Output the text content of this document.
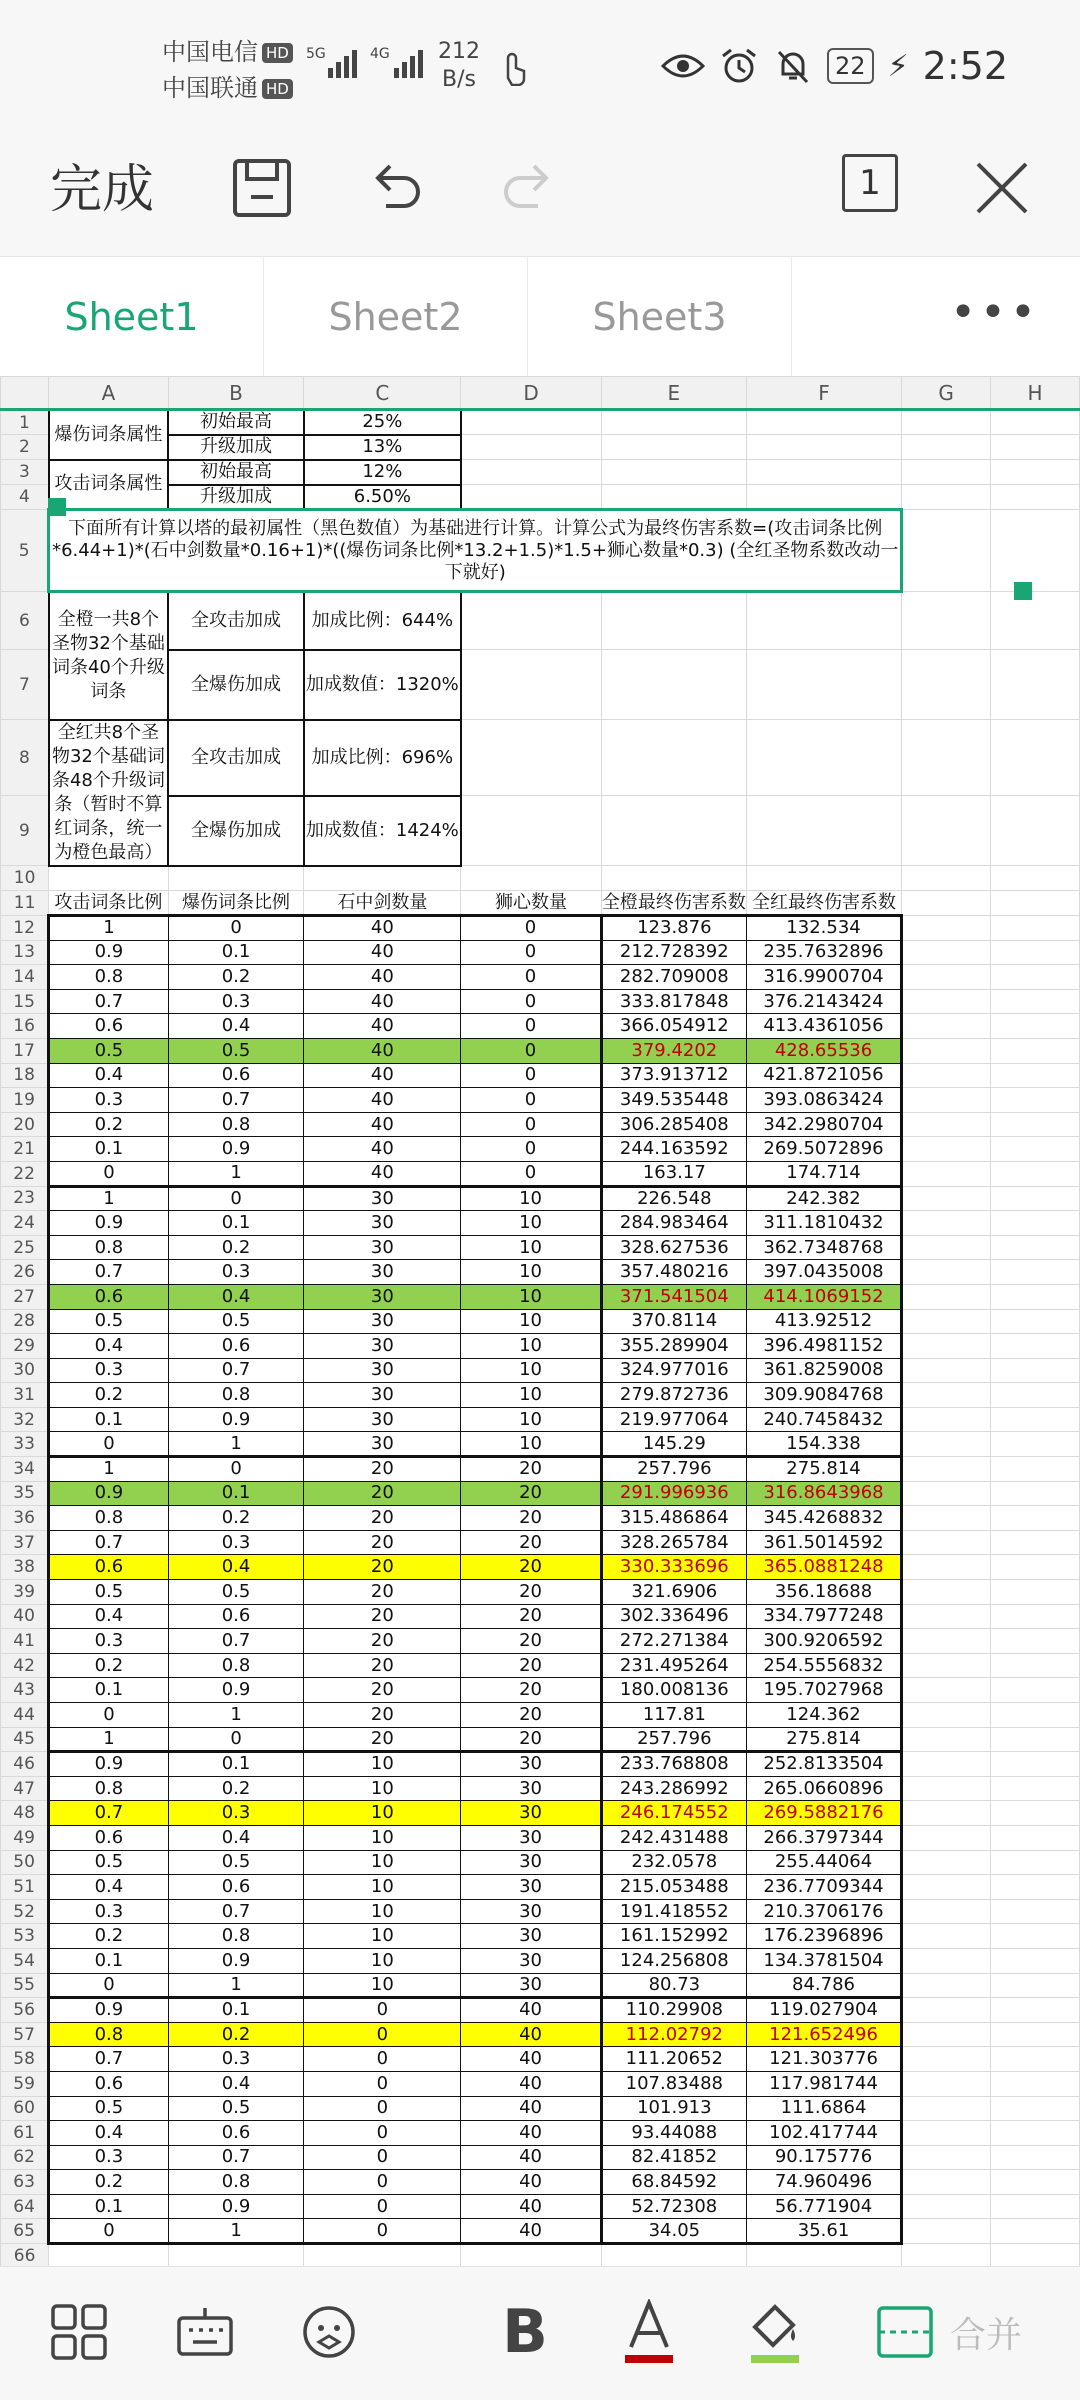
中国电信 HD
中国联通 HD
5G	4G 212
B/s	22 ⚡ 2:52
完成	1
Sheet1	Sheet2	Sheet3	•••
	A	B	C	D	E	F	G	H
1	爆伤词条属性	初始最高	25%					
2		升级加成	13%					
3	攻击词条属性	初始最高	12%					
4		升级加成	6.50%					
5	下面所有计算以塔的最初属性（黑色数值）为基础进行计算。计算公式为最终伤害系数=(攻击词条比例*6.44+1)*(石中剑数量*0.16+1)*((爆伤词条比例*13.2+1.5)*1.5+狮心数量*0.3) (全红圣物系数改动一下就好)							
6	全橙一共8个圣物32个基础词条40个升级词条	全攻击加成	加成比例：644%					
7		全爆伤加成	加成数值：1320%					
8	全红共8个圣物32个基础词条48个升级词条（暂时不算红词条，统一为橙色最高）	全攻击加成	加成比例：696%					
9		全爆伤加成	加成数值：1424%					
10								
11	攻击词条比例	爆伤词条比例	石中剑数量	狮心数量	全橙最终伤害系数	全红最终伤害系数		
12	1	0	40	0	123.876	132.534		
13	0.9	0.1	40	0	212.728392	235.7632896		
14	0.8	0.2	40	0	282.709008	316.9900704		
15	0.7	0.3	40	0	333.817848	376.2143424		
16	0.6	0.4	40	0	366.054912	413.4361056		
17	0.5	0.5	40	0	379.4202	428.65536		
18	0.4	0.6	40	0	373.913712	421.8721056		
19	0.3	0.7	40	0	349.535448	393.0863424		
20	0.2	0.8	40	0	306.285408	342.2980704		
21	0.1	0.9	40	0	244.163592	269.5072896		
22	0	1	40	0	163.17	174.714		
23	1	0	30	10	226.548	242.382		
24	0.9	0.1	30	10	284.983464	311.1810432		
25	0.8	0.2	30	10	328.627536	362.7348768		
26	0.7	0.3	30	10	357.480216	397.0435008		
27	0.6	0.4	30	10	371.541504	414.1069152		
28	0.5	0.5	30	10	370.8114	413.92512		
29	0.4	0.6	30	10	355.289904	396.4981152		
30	0.3	0.7	30	10	324.977016	361.8259008		
31	0.2	0.8	30	10	279.872736	309.9084768		
32	0.1	0.9	30	10	219.977064	240.7458432		
33	0	1	30	10	145.29	154.338		
34	1	0	20	20	257.796	275.814		
35	0.9	0.1	20	20	291.996936	316.8643968		
36	0.8	0.2	20	20	315.486864	345.4268832		
37	0.7	0.3	20	20	328.265784	361.5014592		
38	0.6	0.4	20	20	330.333696	365.0881248		
39	0.5	0.5	20	20	321.6906	356.18688		
40	0.4	0.6	20	20	302.336496	334.7977248		
41	0.3	0.7	20	20	272.271384	300.9206592		
42	0.2	0.8	20	20	231.495264	254.5556832		
43	0.1	0.9	20	20	180.008136	195.7027968		
44	0	1	20	20	117.81	124.362		
45	1	0	20	20	257.796	275.814		
46	0.9	0.1	10	30	233.768808	252.8133504		
47	0.8	0.2	10	30	243.286992	265.0660896		
48	0.7	0.3	10	30	246.174552	269.5882176		
49	0.6	0.4	10	30	242.431488	266.3797344		
50	0.5	0.5	10	30	232.0578	255.44064		
51	0.4	0.6	10	30	215.053488	236.7709344		
52	0.3	0.7	10	30	191.418552	210.3706176		
53	0.2	0.8	10	30	161.152992	176.2396896		
54	0.1	0.9	10	30	124.256808	134.3781504		
55	0	1	10	30	80.73	84.786		
56	0.9	0.1	0	40	110.29908	119.027904		
57	0.8	0.2	0	40	112.02792	121.652496		
58	0.7	0.3	0	40	111.20652	121.303776		
59	0.6	0.4	0	40	107.83488	117.981744		
60	0.5	0.5	0	40	101.913	111.6864		
61	0.4	0.6	0	40	93.44088	102.417744		
62	0.3	0.7	0	40	82.41852	90.175776		
63	0.2	0.8	0	40	68.84592	74.960496		
64	0.1	0.9	0	40	52.72308	56.771904		
65	0	1	0	40	34.05	35.61		
66								
B	合并
